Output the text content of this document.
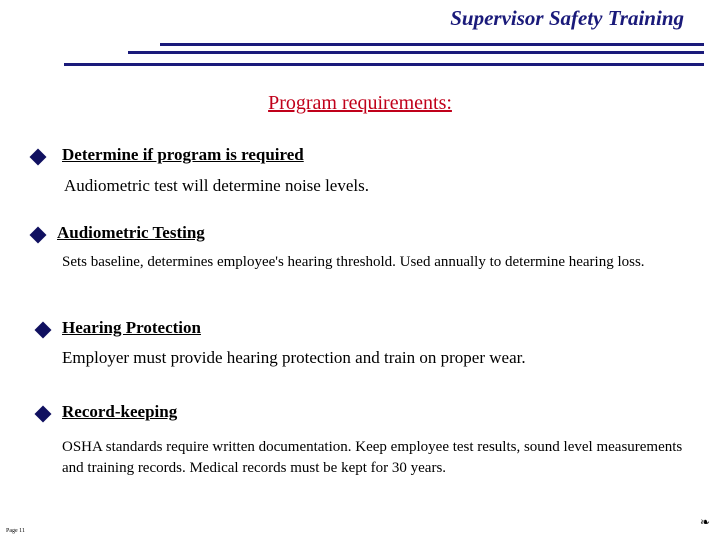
Supervisor Safety Training
Program requirements:
Determine if program is required
Audiometric test will determine noise levels.
Audiometric Testing
Sets baseline, determines employee's hearing threshold. Used annually to determine hearing loss.
Hearing Protection
Employer must provide hearing protection and train on proper wear.
Record-keeping
OSHA standards require written documentation. Keep employee test results, sound level measurements and training records. Medical records must be kept for 30 years.
Page 11
❧
